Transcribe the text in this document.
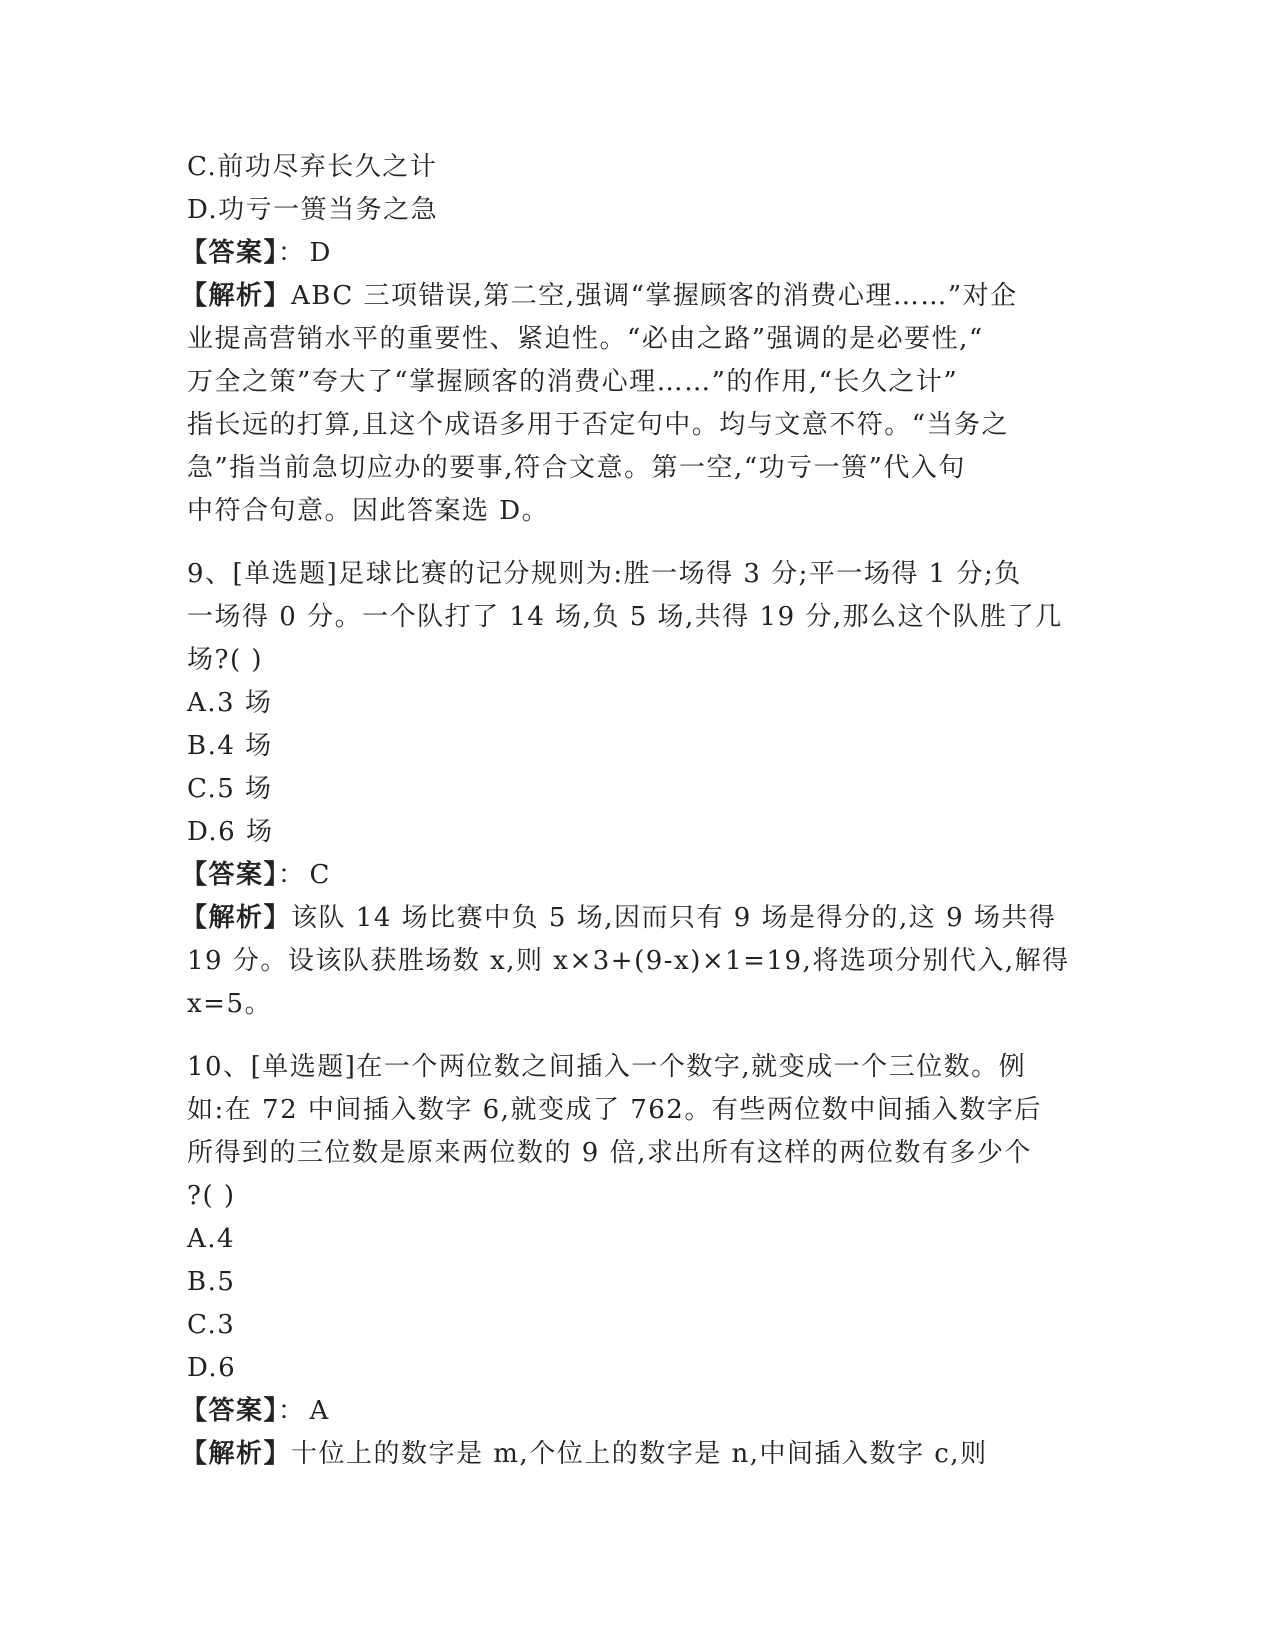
C.前功尽弃长久之计
D.功亏一篑当务之急
【答案】： D
【解析】ABC 三项错误,第二空,强调“掌握顾客的消费心理……”对企
业提高营销水平的重要性、紧迫性。“必由之路”强调的是必要性,“
万全之策”夸大了“掌握顾客的消费心理……”的作用,“长久之计”
指长远的打算,且这个成语多用于否定句中。均与文意不符。“当务之
急”指当前急切应办的要事,符合文意。第一空,“功亏一篑”代入句
中符合句意。因此答案选 D。
9、[单选题]足球比赛的记分规则为:胜一场得 3 分;平一场得 1 分;负
一场得 0 分。一个队打了 14 场,负 5 场,共得 19 分,那么这个队胜了几
场?( )
A.3 场
B.4 场
C.5 场
D.6 场
【答案】： C
【解析】该队 14 场比赛中负 5 场,因而只有 9 场是得分的,这 9 场共得
19 分。设该队获胜场数 x,则 x×3+(9-x)×1=19,将选项分别代入,解得
x=5。
10、[单选题]在一个两位数之间插入一个数字,就变成一个三位数。例
如:在 72 中间插入数字 6,就变成了 762。有些两位数中间插入数字后
所得到的三位数是原来两位数的 9 倍,求出所有这样的两位数有多少个
?( )
A.4
B.5
C.3
D.6
【答案】： A
【解析】十位上的数字是 m,个位上的数字是 n,中间插入数字 c,则
